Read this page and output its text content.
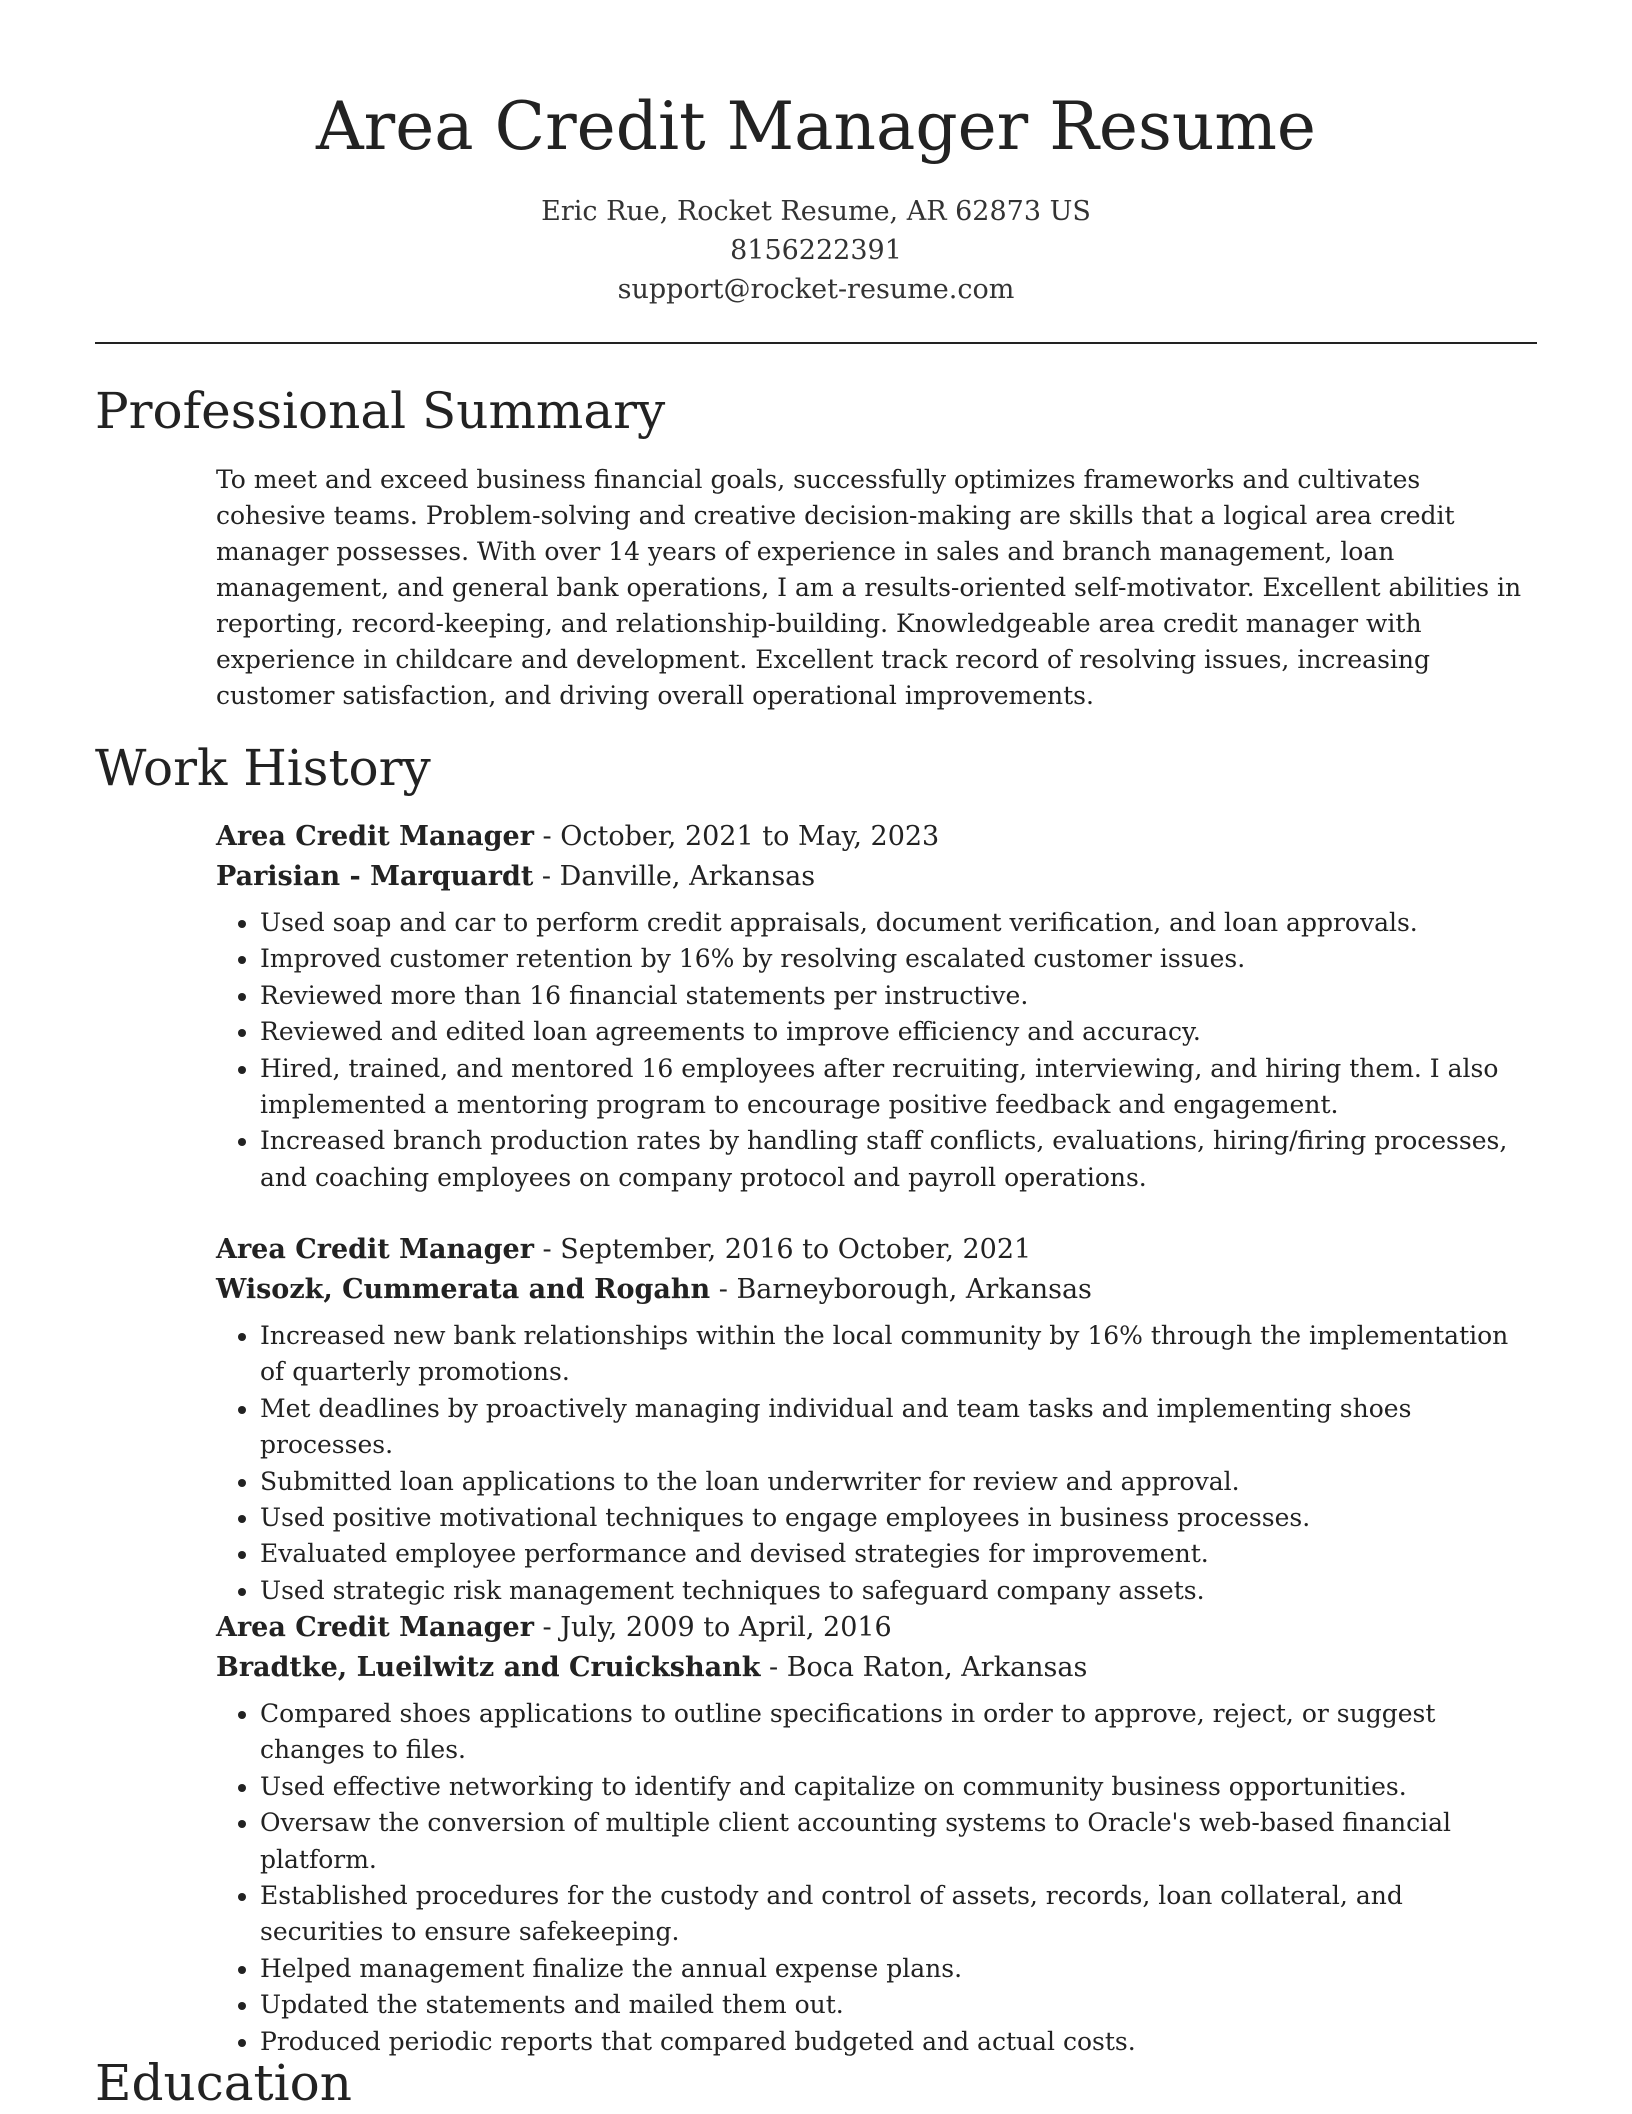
Area Credit Manager Resume
Eric Rue, Rocket Resume, AR 62873 US
8156222391
support@rocket-resume.com
Professional Summary

To meet and exceed business financial goals, successfully optimizes frameworks and cultivates cohesive teams. Problem-solving and creative decision-making are skills that a logical area credit manager possesses. With over 14 years of experience in sales and branch management, loan management, and general bank operations, I am a results-oriented self-motivator. Excellent abilities in reporting, record-keeping, and relationship-building. Knowledgeable area credit manager with experience in childcare and development. Excellent track record of resolving issues, increasing customer satisfaction, and driving overall operational improvements.

Work History
Area Credit Manager - October, 2021 to May, 2023
Parisian - Marquardt - Danville, Arkansas
• Used soap and car to perform credit appraisals, document verification, and loan approvals.
• Improved customer retention by 16% by resolving escalated customer issues.
• Reviewed more than 16 financial statements per instructive.
• Reviewed and edited loan agreements to improve efficiency and accuracy.
• Hired, trained, and mentored 16 employees after recruiting, interviewing, and hiring them. I also implemented a mentoring program to encourage positive feedback and engagement.
• Increased branch production rates by handling staff conflicts, evaluations, hiring/firing processes, and coaching employees on company protocol and payroll operations.
Area Credit Manager - September, 2016 to October, 2021
Wisozk, Cummerata and Rogahn - Barneyborough, Arkansas
• Increased new bank relationships within the local community by 16% through the implementation of quarterly promotions.
• Met deadlines by proactively managing individual and team tasks and implementing shoes processes.
• Submitted loan applications to the loan underwriter for review and approval.
• Used positive motivational techniques to engage employees in business processes.
• Evaluated employee performance and devised strategies for improvement.
• Used strategic risk management techniques to safeguard company assets.
Area Credit Manager - July, 2009 to April, 2016
Bradtke, Lueilwitz and Cruickshank - Boca Raton, Arkansas
• Compared shoes applications to outline specifications in order to approve, reject, or suggest changes to files.
• Used effective networking to identify and capitalize on community business opportunities.
• Oversaw the conversion of multiple client accounting systems to Oracle's web-based financial platform.
• Established procedures for the custody and control of assets, records, loan collateral, and securities to ensure safekeeping.
• Helped management finalize the annual expense plans.
• Updated the statements and mailed them out.
• Produced periodic reports that compared budgeted and actual costs.
Education
